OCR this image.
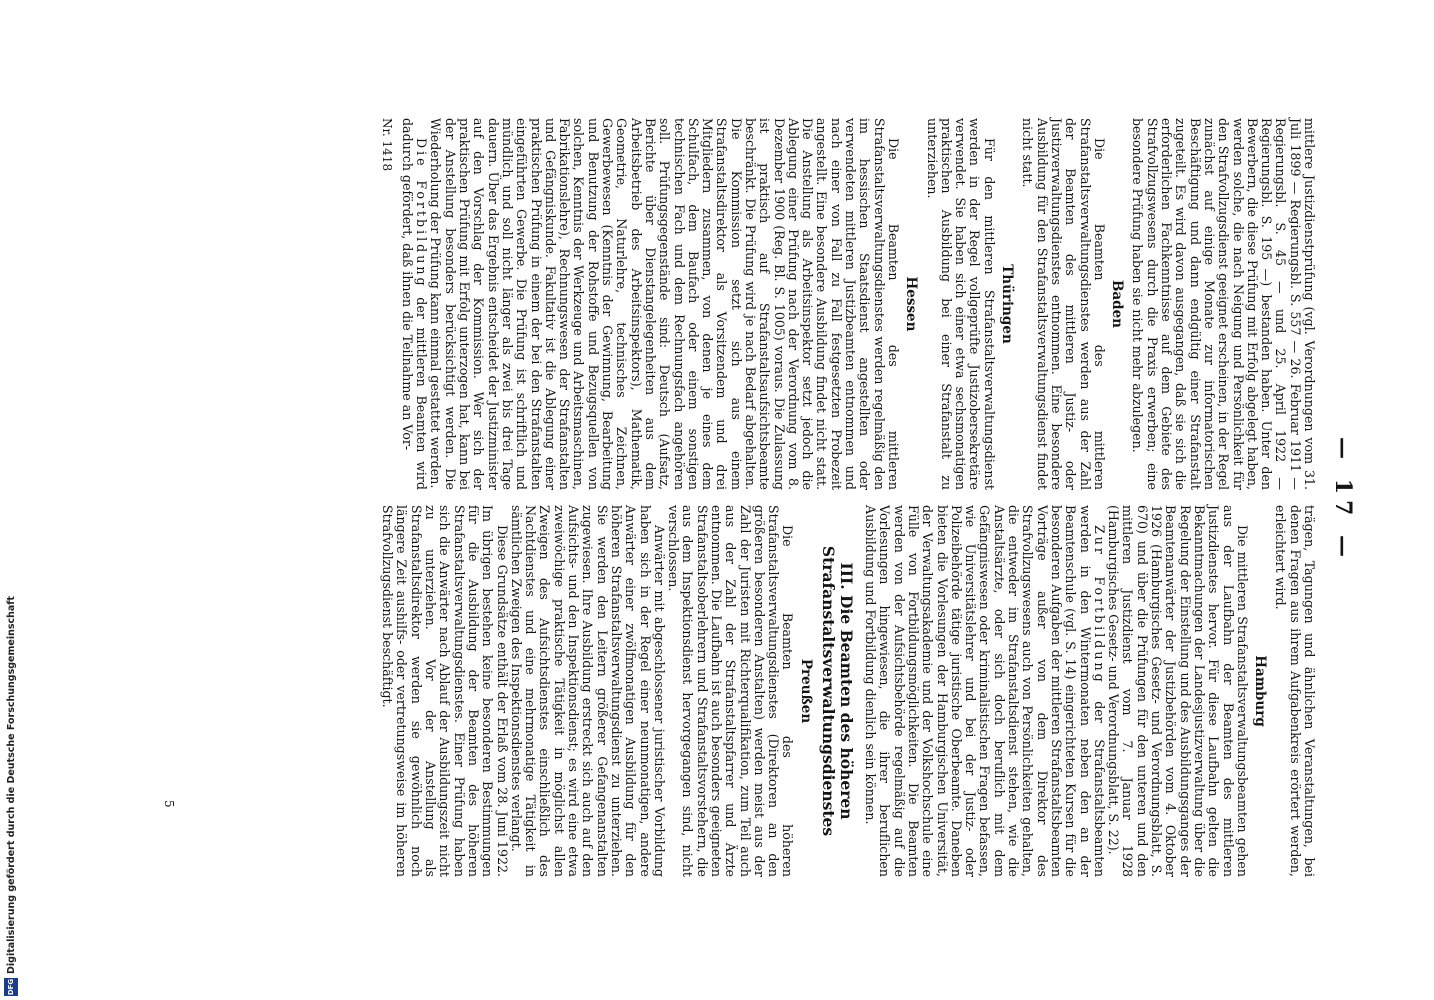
— 17 —

mittlere Justizdienstprüfung (vgl. Verordnungen vom 31. Juli 1899 — Regierungsbl. S. 557 — 26. Februar 1911 — Regierungsbl. S. 45 — und 25. April 1922 — Regierungsbl. S. 195 —) bestanden haben. Unter den Bewerbern, die diese Prüfung mit Erfolg abgelegt haben, werden solche, die nach Neigung und Persönlichkeit für den Strafvollzugsdienst geeignet erscheinen, in der Regel zunächst auf einige Monate zur informatorischen Beschäftigung und dann endgültig einer Strafanstalt zugeteilt. Es wird davon ausgegangen, daß sie sich die erforderlichen Fachkenntnisse auf dem Gebiete des Strafvollzugswesens durch die Praxis erwerben; eine besondere Prüfung haben sie nicht mehr abzulegen.

Baden

Die Beamten des mittleren Strafanstaltsverwaltungsdienstes werden aus der Zahl der Beamten des mittleren Justiz- oder Justizverwaltungsdienstes entnommen. Eine besondere Ausbildung für den Strafanstaltsverwaltungsdienst findet nicht statt.

Thüringen

Für den mittleren Strafanstaltsverwaltungsdienst werden in der Regel vollgeprüfte Justizobersekretäre verwendet. Sie haben sich einer etwa sechsmonatigen praktischen Ausbildung bei einer Strafanstalt zu unterziehen.

Hessen

Die Beamten des mittleren Strafanstaltsverwaltungsdienstes werden regelmäßig den im hessischen Staatsdienst angestellten oder verwendeten mittleren Justizbeamten entnommen und nach einer von Fall zu Fall festgesetzten Probezeit angestellt. Eine besondere Ausbildung findet nicht statt. Die Anstellung als Arbeitsinspektor setzt jedoch die Ablegung einer Prüfung nach der Verordnung vom 8. Dezember 1900 (Reg. Bl. S. 1005) voraus. Die Zulassung ist praktisch auf Strafanstaltsaufsichtsbeamte beschränkt. Die Prüfung wird je nach Bedarf abgehalten. Die Kommission setzt sich aus einem Strafanstaltsdirektor als Vorsitzendem und drei Mitgliedern zusammen, von denen je eines dem Schulfach, dem Baufach oder einem sonstigen technischen Fach und dem Rechnungsfach angehören soll. Prüfungsgegenstände sind: Deutsch (Aufsatz, Berichte über Dienstangelegenheiten aus dem Arbeitsbetrieb des Arbeitsinspektors), Mathematik, Geometrie, Naturlehre, technisches Zeichnen, Gewerbewesen (Kenntnis der Gewinnung, Bearbeitung und Benutzung der Rohstoffe und Bezugsquellen von solchen, Kenntnis der Werkzeuge und Arbeitsmaschinen, Fabrikationslehre), Rechnungswesen der Strafanstalten und Gefängniskunde. Fakultativ ist die Ablegung einer praktischen Prüfung in einem der bei den Strafanstalten eingeführten Gewerbe. Die Prüfung ist schriftlich und mündlich und soll nicht länger als zwei bis drei Tage dauern. Über das Ergebnis entscheidet der Justizminister auf den Vorschlag der Kommission. Wer sich der praktischen Prüfung mit Erfolg unterzogen hat, kann bei der Anstellung besonders berücksichtigt werden. Die Wiederholung der Prüfung kann einmal gestattet werden.

Die Fortbildung der mittleren Beamten wird dadurch gefördert, daß ihnen die Teilnahme an Vor-

Nr. 1418

trägen, Tagungen und ähnlichen Veranstaltungen, bei denen Fragen aus ihrem Aufgabenkreis erörtert werden, erleichtert wird.

Hamburg

Die mittleren Strafanstaltsverwaltungsbeamten gehen aus der Laufbahn der Beamten des mittleren Justizdienstes hervor. Für diese Laufbahn gelten die Bekanntmachungen der Landesjustizverwaltung über die Regelung der Einstellung und des Ausbildungsganges der Beamtenanwärter der Justizbehörden vom 4. Oktober 1926 (Hamburgisches Gesetz- und Verordnungsblatt, S. 670) und über die Prüfungen für den unteren und den mittleren Justizdienst vom 7. Januar 1928 (Hamburgisches Gesetz- und Verordnungsblatt, S. 22).

Zur Fortbildung der Strafanstaltsbeamten werden in den Wintermonaten neben den an der Beamtenschule (vgl. S. 14) eingerichteten Kursen für die besonderen Aufgaben der mittleren Strafanstaltsbeamten Vorträge außer von dem Direktor des Strafvollzugswesens auch von Persönlichkeiten gehalten, die entweder im Strafanstaltsdienst stehen, wie die Anstaltsärzte, oder sich doch beruflich mit dem Gefängniswesen oder kriminalistischen Fragen befassen, wie Universitätslehrer und bei der Justiz- oder Polizeibehörde tätige juristische Oberbeamte. Daneben bieten die Vorlesungen der Hamburgischen Universität, der Verwaltungsakademie und der Volkshochschule eine Fülle von Fortbildungsmöglichkeiten. Die Beamten werden von der Aufsichtsbehörde regelmäßig auf die Vorlesungen hingewiesen, die ihrer beruflichen Ausbildung und Fortbildung dienlich sein können.

III. Die Beamten des höheren Strafanstaltsverwaltungsdienstes
Preußen

Die Beamten des höheren Strafanstaltsverwaltungsdienstes (Direktoren an den größeren besonderen Anstalten) werden meist aus der Zahl der Juristen mit Richterqualifikation, zum Teil auch aus der Zahl der Strafanstaltspfarrer und Ärzte entnommen. Die Laufbahn ist auch besonders geeigneten Strafanstaltsoberlehrern und Strafanstaltsvorstehern, die aus dem Inspektionsdienst hervorgegangen sind, nicht verschlossen.

Anwärter mit abgeschlossener juristischer Vorbildung haben sich in der Regel einer neunmonatigen, andere Anwärter einer zwölfmonatigen Ausbildung für den höheren Strafanstaltsverwaltungsdienst zu unterziehen. Sie werden den Leitern größerer Gefangenanstalten zugewiesen. Ihre Ausbildung erstreckt sich auch auf den Aufsichts- und den Inspektionsdienst; es wird eine etwa zweiwöchige praktische Tätigkeit in möglichst allen Zweigen des Aufsichtsdienstes einschließlich des Nachtdienstes und eine mehrmonatige Tätigkeit in sämtlichen Zweigen des Inspektionsdienstes verlangt.

Diese Grundsätze enthält der Erlaß vom 28. Juni 1922. Im übrigen bestehen keine besonderen Bestimmungen für die Ausbildung der Beamten des höheren Strafanstaltsverwaltungsdienstes. Einer Prüfung haben sich die Anwärter nach Ablauf der Ausbildungszeit nicht zu unterziehen. Vor der Anstellung als Strafanstaltsdirektor werden sie gewöhnlich noch längere Zeit aushilfs- oder vertretungsweise im höheren Strafvollzugsdienst beschäftigt.

5
DFG
Digitalisierung gefördert durch die Deutsche Forschungsgemeinschaft
